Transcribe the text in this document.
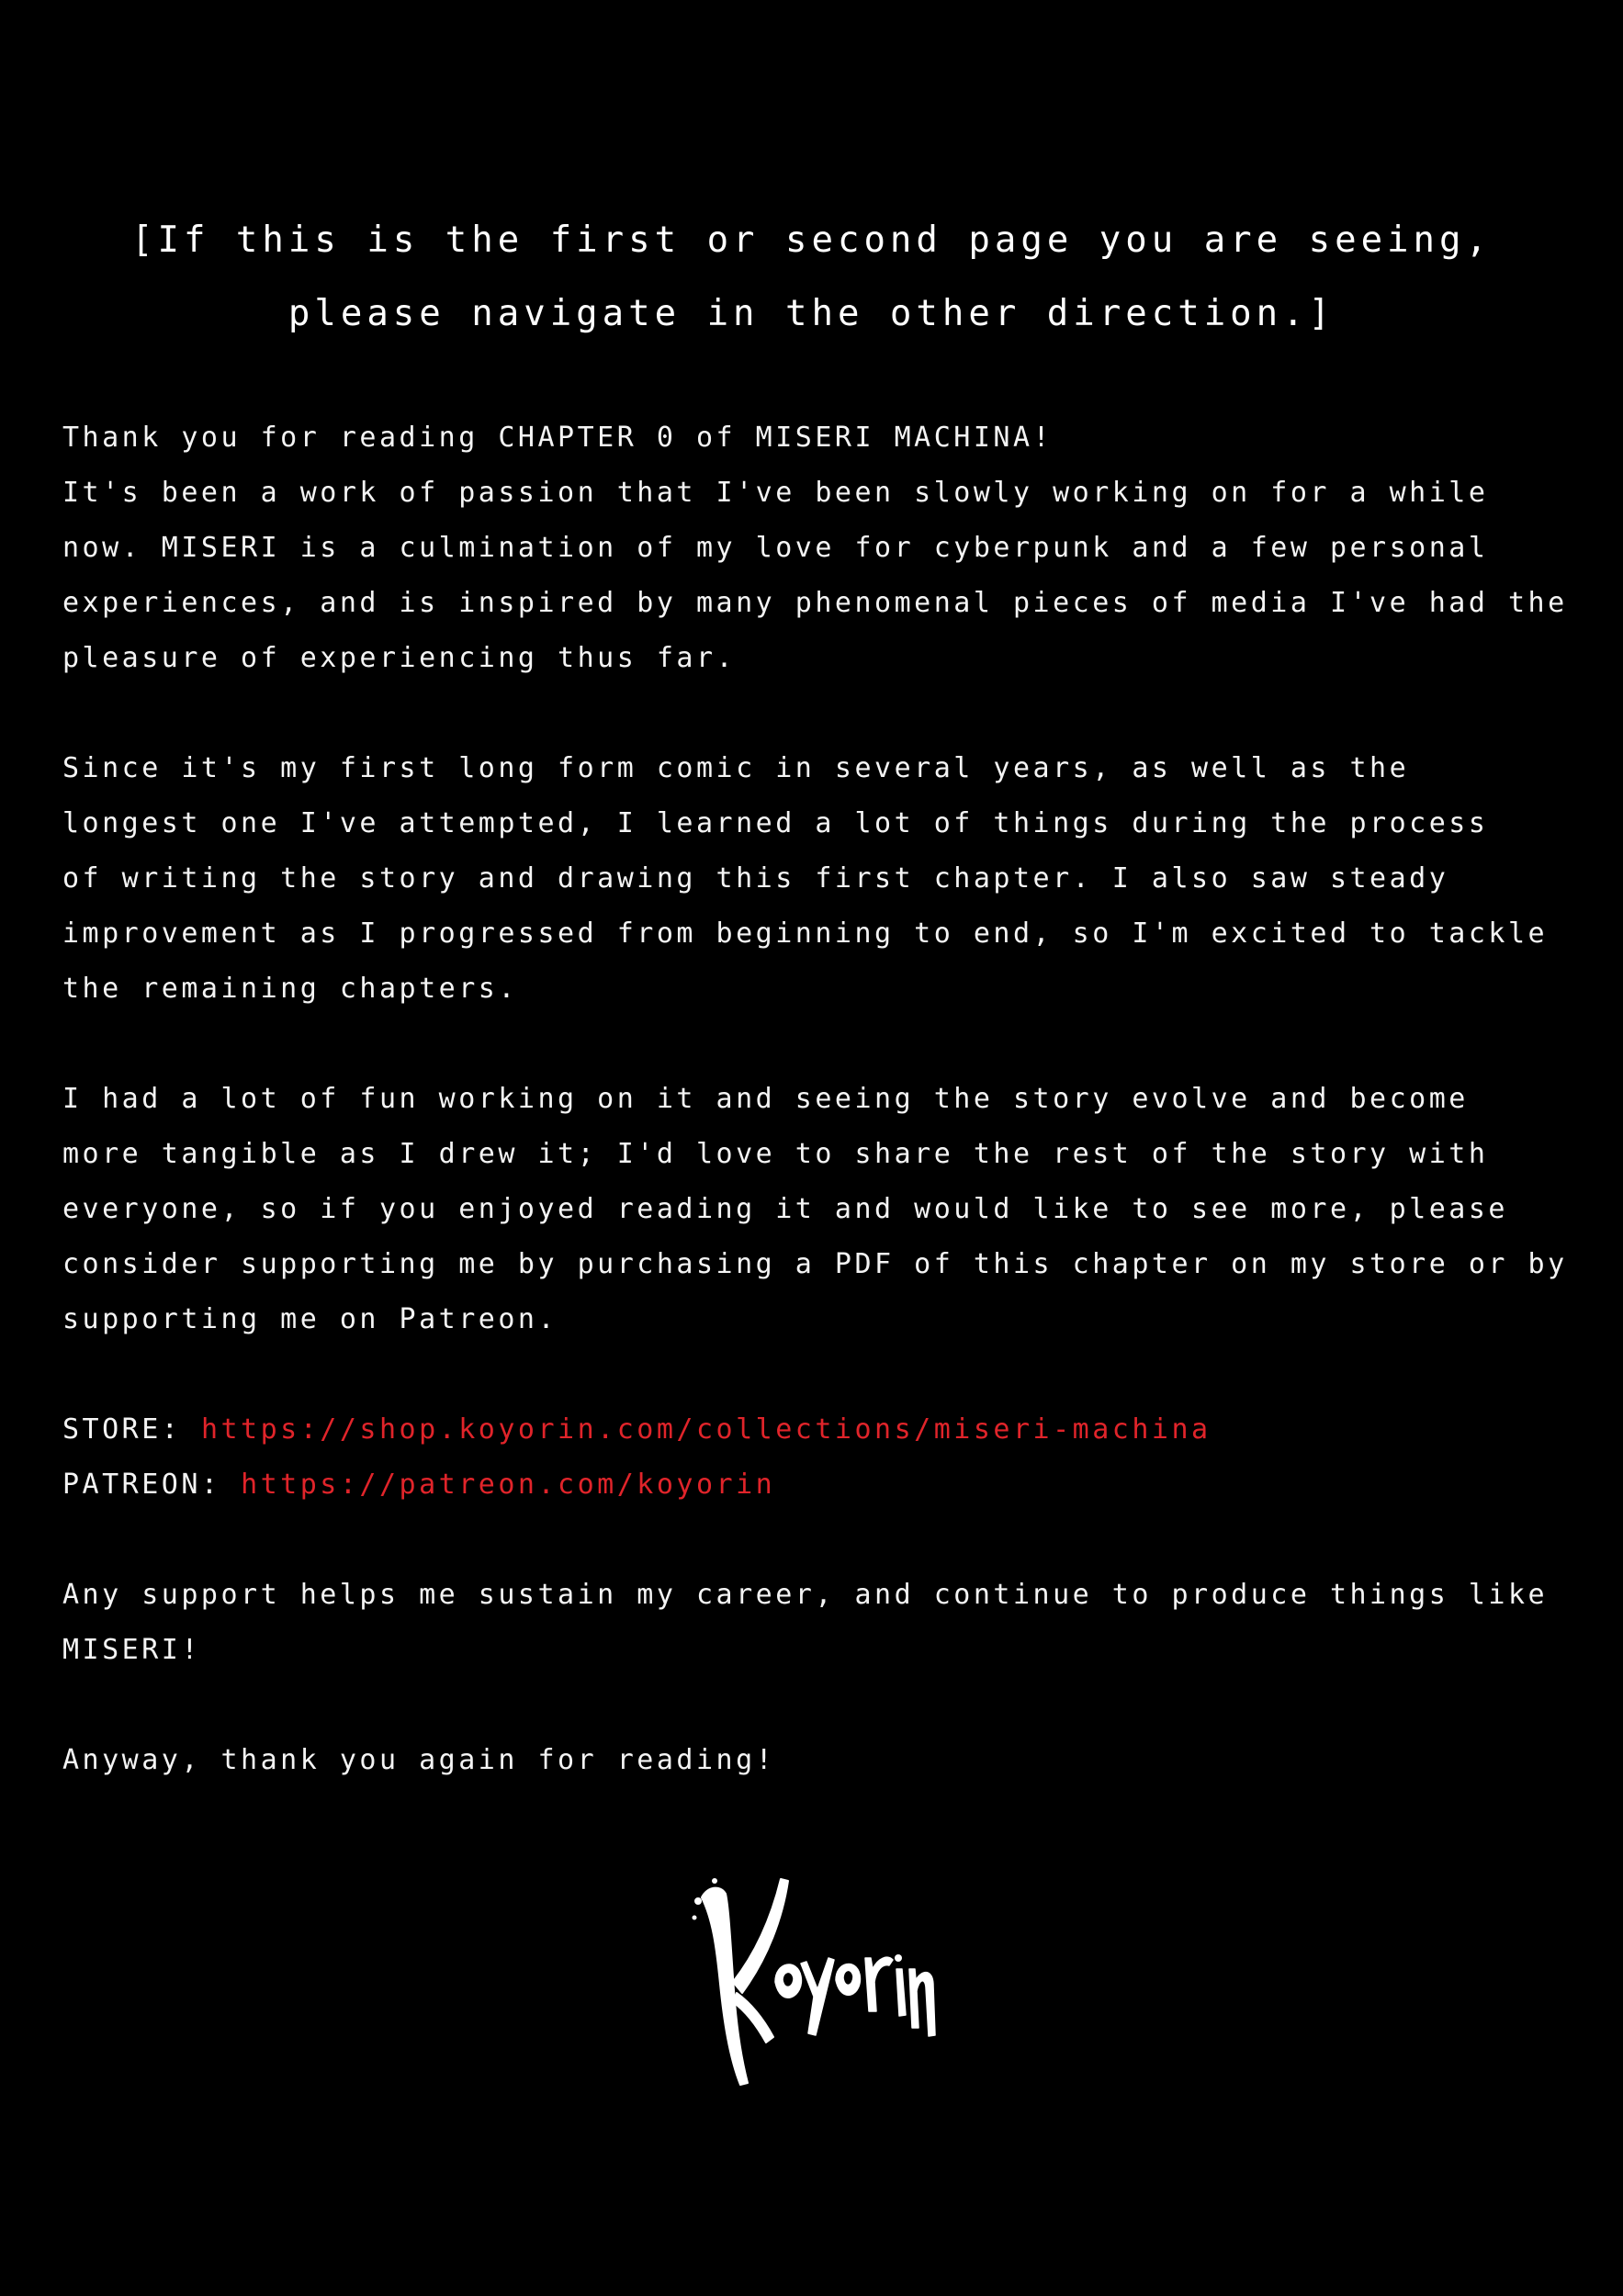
[If this is the first or second page you are seeing,
please navigate in the other direction.]
Thank you for reading CHAPTER 0 of MISERI MACHINA!
It's been a work of passion that I've been slowly working on for a while
now. MISERI is a culmination of my love for cyberpunk and a few personal
experiences, and is inspired by many phenomenal pieces of media I've had the
pleasure of experiencing thus far.
Since it's my first long form comic in several years, as well as the
longest one I've attempted, I learned a lot of things during the process
of writing the story and drawing this first chapter. I also saw steady
improvement as I progressed from beginning to end, so I'm excited to tackle
the remaining chapters.
I had a lot of fun working on it and seeing the story evolve and become
more tangible as I drew it; I'd love to share the rest of the story with
everyone, so if you enjoyed reading it and would like to see more, please
consider supporting me by purchasing a PDF of this chapter on my store or by
supporting me on Patreon.
STORE: https://shop.koyorin.com/collections/miseri-machina
PATREON: https://patreon.com/koyorin
Any support helps me sustain my career, and continue to produce things like
MISERI!
Anyway, thank you again for reading!
